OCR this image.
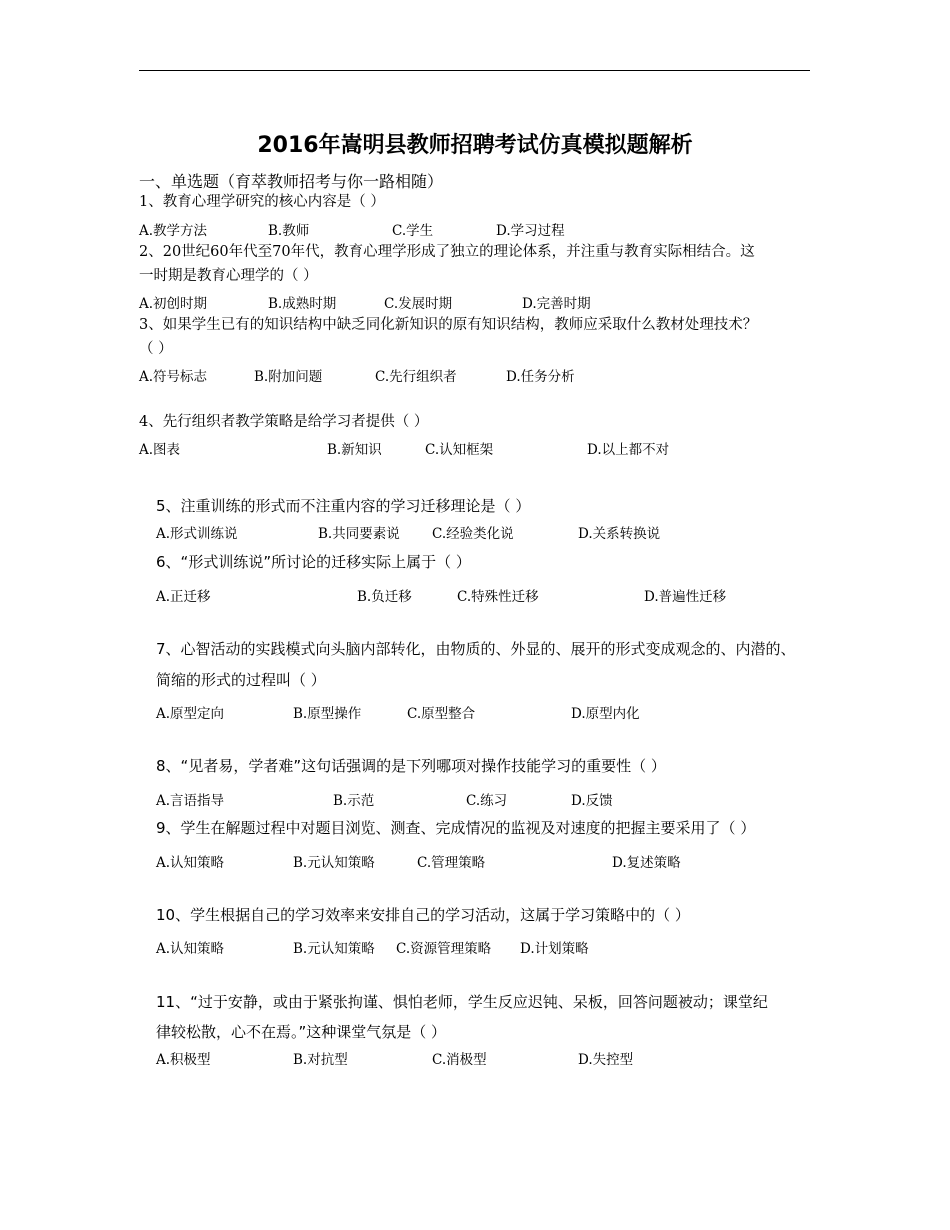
2016年嵩明县教师招聘考试仿真模拟题解析
一、单选题（育萃教师招考与你一路相随）
1、教育心理学研究的核心内容是（ ）
A.教学方法	B.教师	C.学生	D.学习过程
2、20世纪60年代至70年代，教育心理学形成了独立的理论体系，并注重与教育实际相结合。这
一时期是教育心理学的（ ）
A.初创时期	B.成熟时期	C.发展时期	D.完善时期
3、如果学生已有的知识结构中缺乏同化新知识的原有知识结构，教师应采取什么教材处理技术？
（ ）
A.符号标志	B.附加问题	C.先行组织者	D.任务分析
4、先行组织者教学策略是给学习者提供（ ）
A.图表	B.新知识	C.认知框架	D.以上都不对
5、注重训练的形式而不注重内容的学习迁移理论是（ ）
A.形式训练说	B.共同要素说 C.经验类化说	D.关系转换说
6、“形式训练说”所讨论的迁移实际上属于（ ）
A.正迁移	B.负迁移	C.特殊性迁移	D.普遍性迁移
7、心智活动的实践模式向头脑内部转化，由物质的、外显的、展开的形式变成观念的、内潜的、
简缩的形式的过程叫（ ）
A.原型定向	B.原型操作	C.原型整合	D.原型内化
8、“见者易，学者难”这句话强调的是下列哪项对操作技能学习的重要性（ ）
A.言语指导	B.示范	C.练习	D.反馈
9、学生在解题过程中对题目浏览、测查、完成情况的监视及对速度的把握主要采用了（ ）
A.认知策略	B.元认知策略	C.管理策略	D.复述策略
10、学生根据自己的学习效率来安排自己的学习活动，这属于学习策略中的（ ）
A.认知策略	B.元认知策略 C.资源管理策略 D.计划策略
11、“过于安静，或由于紧张拘谨、惧怕老师，学生反应迟钝、呆板，回答问题被动；课堂纪
律较松散，心不在焉。”这种课堂气氛是（ ）
A.积极型	B.对抗型	C.消极型	D.失控型
